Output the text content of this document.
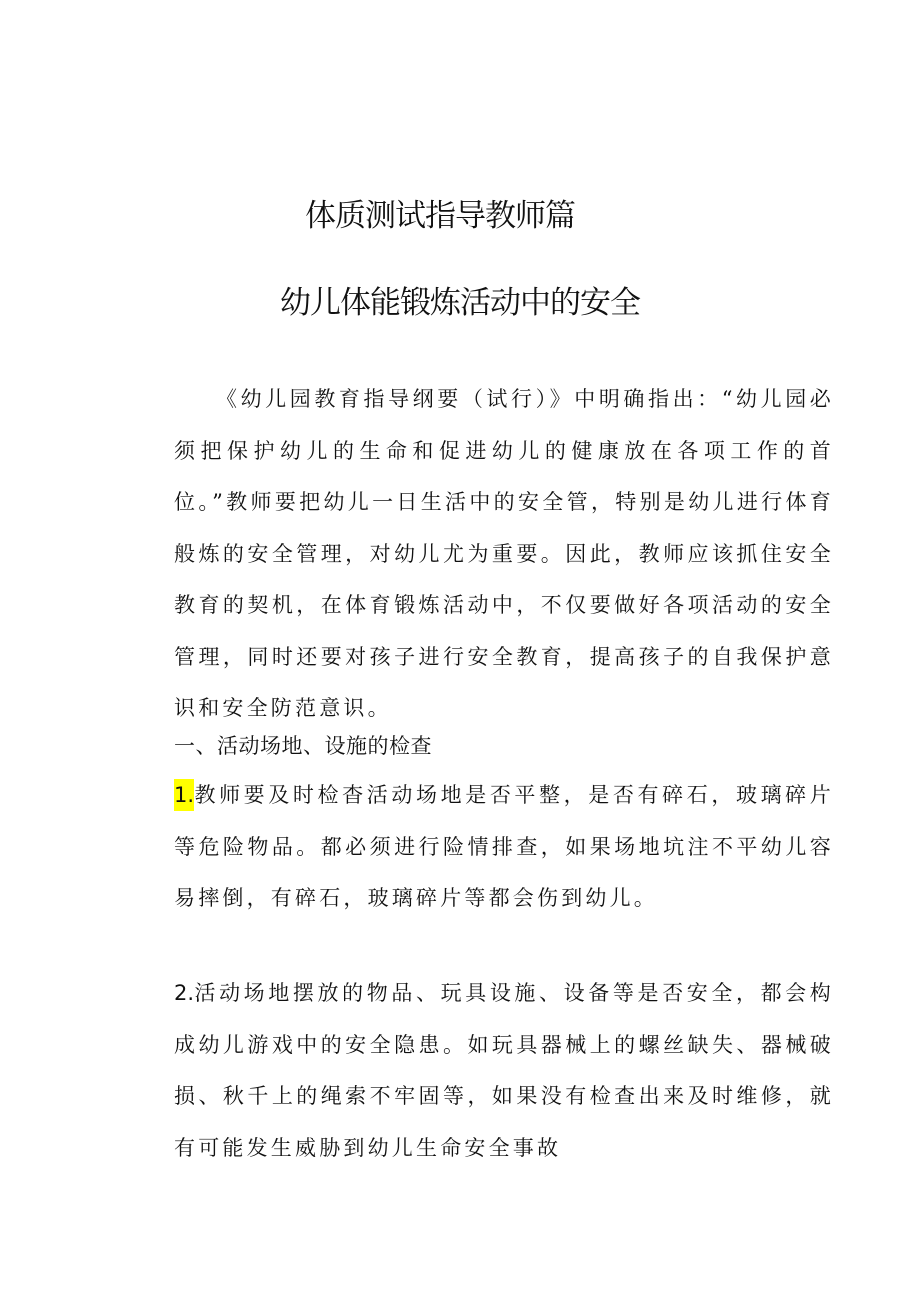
体质测试指导教师篇
幼儿体能锻炼活动中的安全

《幼儿园教育指导纲要（试行）》中明确指出：“幼儿园必须把保护幼儿的生命和促进幼儿的健康放在各项工作的首位。”教师要把幼儿一日生活中的安全管，特别是幼儿进行体育般炼的安全管理，对幼儿尤为重要。因此，教师应该抓住安全教育的契机，在体育锻炼活动中，不仅要做好各项活动的安全管理，同时还要对孩子进行安全教育，提高孩子的自我保护意识和安全防范意识。

一、活动场地、设施的检查

1.教师要及时检杳活动场地是否平整，是否有碎石，玻璃碎片等危险物品。都必须进行险情排查，如果场地坑注不平幼儿容易摔倒，有碎石，玻璃碎片等都会伤到幼儿。

2.活动场地摆放的物品、玩具设施、设备等是否安全，都会构成幼儿游戏中的安全隐患。如玩具器械上的螺丝缺失、器械破损、秋千上的绳索不牢固等，如果没有检查出来及时维修，就有可能发生威胁到幼儿生命安全事故
